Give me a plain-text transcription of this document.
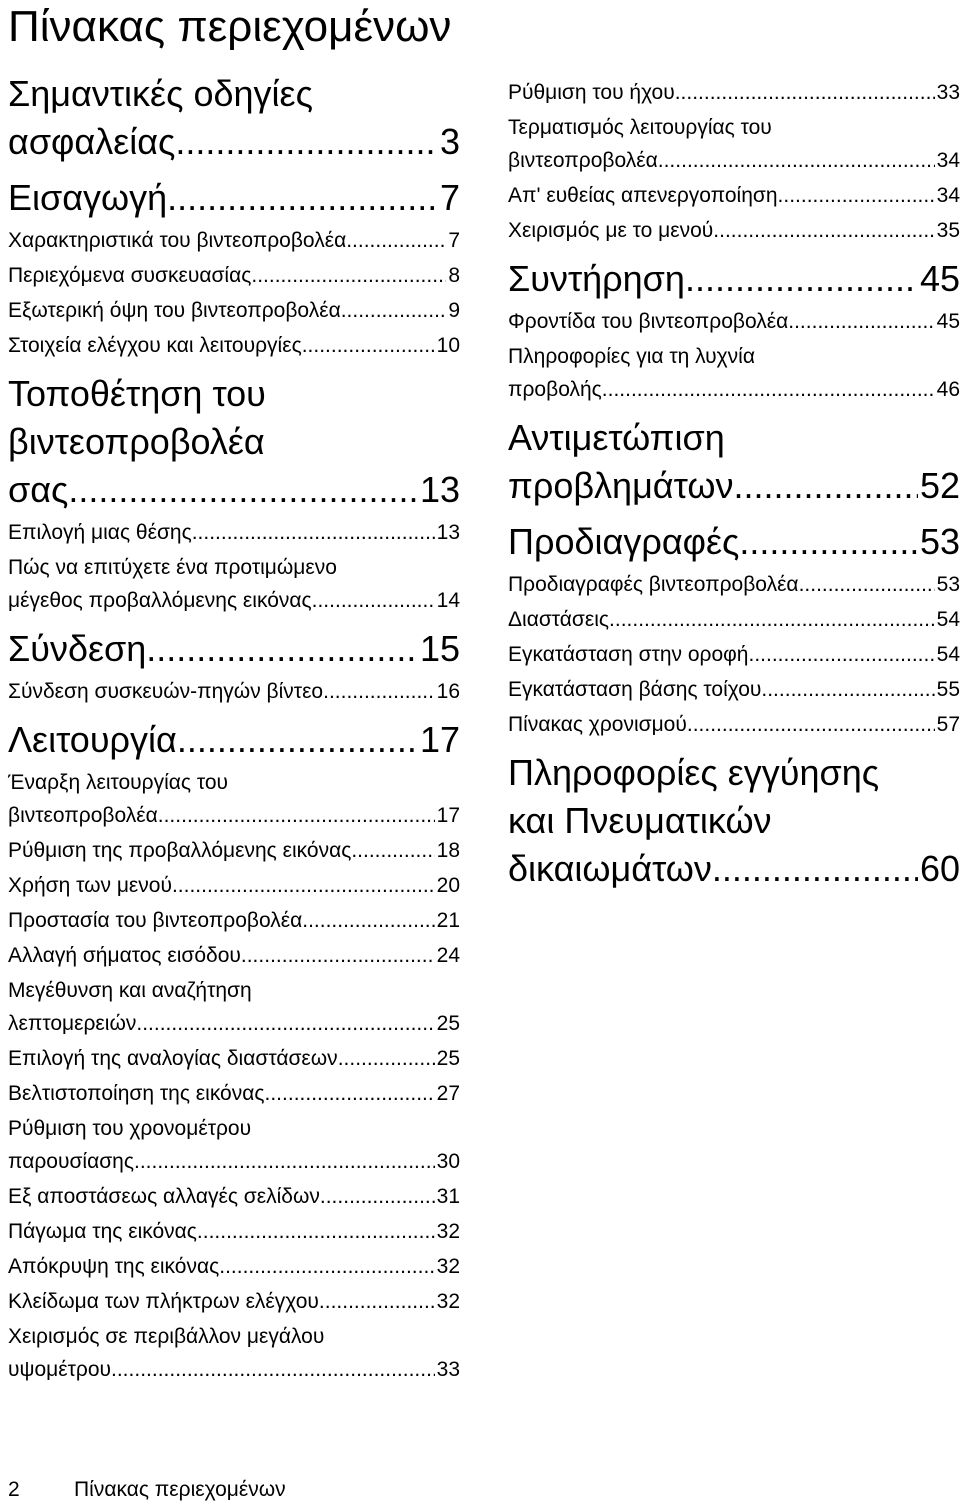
Πίνακας περιεχομένων
Σημαντικές οδηγίες
ασφαλείας .....	3
Εισαγωγή .....	7
Χαρακτηριστικά του βιντεοπροβολέα .....	7
Περιεχόμενα συσκευασίας .....	8
Εξωτερική όψη του βιντεοπροβολέα .....	9
Στοιχεία ελέγχου και λειτουργίες .....	10
Τοποθέτηση του
βιντεοπροβολέα
σας .....	13
Επιλογή μιας θέσης .....	13
Πώς να επιτύχετε ένα προτιμώμενο
μέγεθος προβαλλόμενης εικόνας .....	14
Σύνδεση .....	15
Σύνδεση συσκευών-πηγών βίντεο .....	16
Λειτουργία .....	17
Έναρξη λειτουργίας του
βιντεοπροβολέα .....	17
Ρύθμιση της προβαλλόμενης εικόνας .....	18
Χρήση των μενού .....	20
Προστασία του βιντεοπροβολέα .....	21
Αλλαγή σήματος εισόδου .....	24
Μεγέθυνση και αναζήτηση
λεπτομερειών .....	25
Επιλογή της αναλογίας διαστάσεων .....	25
Βελτιστοποίηση της εικόνας .....	27
Ρύθμιση του χρονομέτρου
παρουσίασης .....	30
Εξ αποστάσεως αλλαγές σελίδων .....	31
Πάγωμα της εικόνας .....	32
Απόκρυψη της εικόνας .....	32
Κλείδωμα των πλήκτρων ελέγχου .....	32
Χειρισμός σε περιβάλλον μεγάλου
υψομέτρου .....	33
Ρύθμιση του ήχου .....	33
Τερματισμός λειτουργίας του
βιντεοπροβολέα .....	34
Απ' ευθείας απενεργοποίηση .....	34
Χειρισμός με το μενού .....	35
Συντήρηση .....	45
Φροντίδα του βιντεοπροβολέα .....	45
Πληροφορίες για τη λυχνία
προβολής .....	46
Αντιμετώπιση
προβλημάτων .....	52
Προδιαγραφές .....	53
Προδιαγραφές βιντεοπροβολέα .....	53
Διαστάσεις .....	54
Εγκατάσταση στην οροφή .....	54
Εγκατάσταση βάσης τοίχου .....	55
Πίνακας χρονισμού .....	57
Πληροφορίες εγγύησης
και Πνευματικών
δικαιωμάτων .....	60
2	Πίνακας περιεχομένων
